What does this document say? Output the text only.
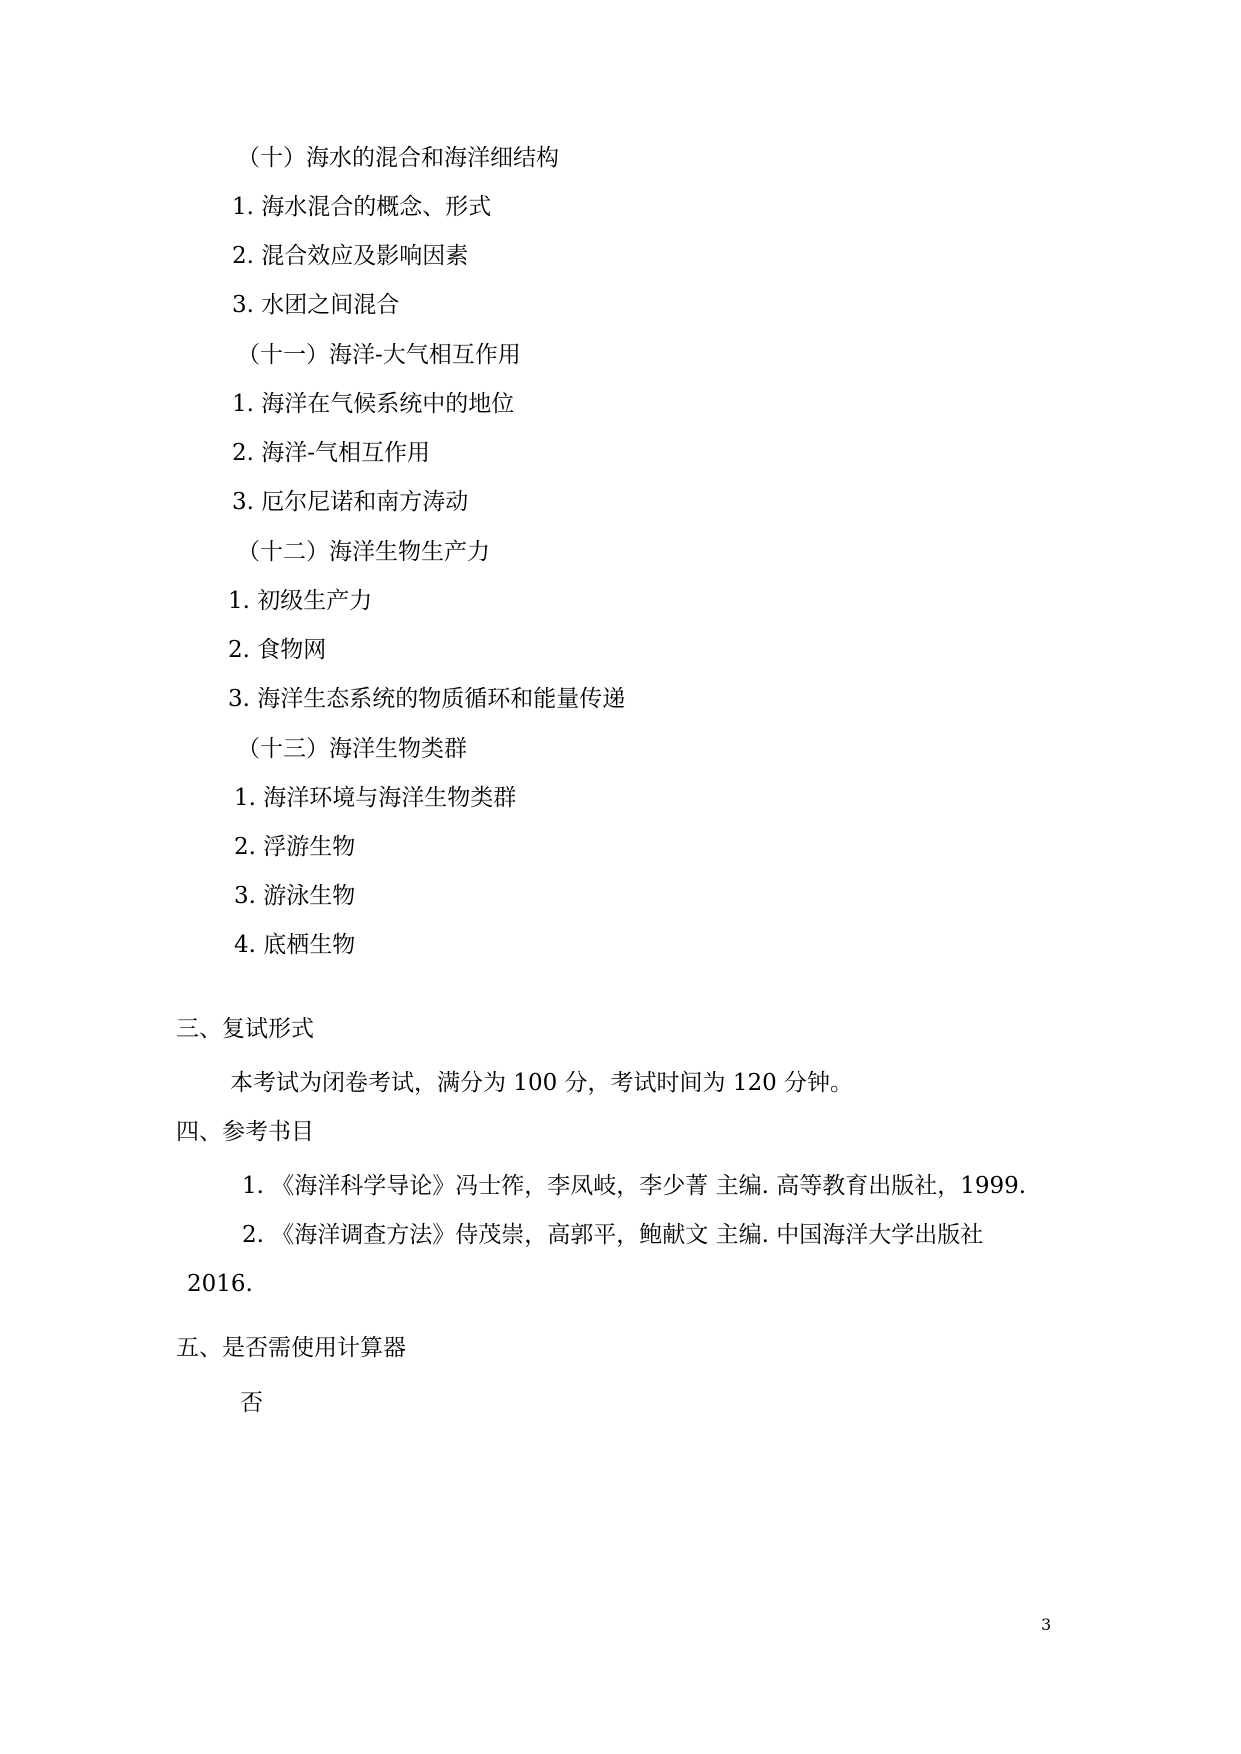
（十）海水的混合和海洋细结构
1. 海水混合的概念、形式
2. 混合效应及影响因素
3. 水团之间混合
（十一）海洋-大气相互作用
1. 海洋在气候系统中的地位
2. 海洋-气相互作用
3. 厄尔尼诺和南方涛动
（十二）海洋生物生产力
1. 初级生产力
2. 食物网
3. 海洋生态系统的物质循环和能量传递
（十三）海洋生物类群
1. 海洋环境与海洋生物类群
2. 浮游生物
3. 游泳生物
4. 底栖生物
三、复试形式
本考试为闭卷考试，满分为 100 分，考试时间为 120 分钟。
四、参考书目
1. 《海洋科学导论》冯士筰，李凤岐，李少菁 主编. 高等教育出版社，1999.
2. 《海洋调查方法》侍茂崇，高郭平，鲍献文 主编. 中国海洋大学出版社
2016.
五、是否需使用计算器
否
3
